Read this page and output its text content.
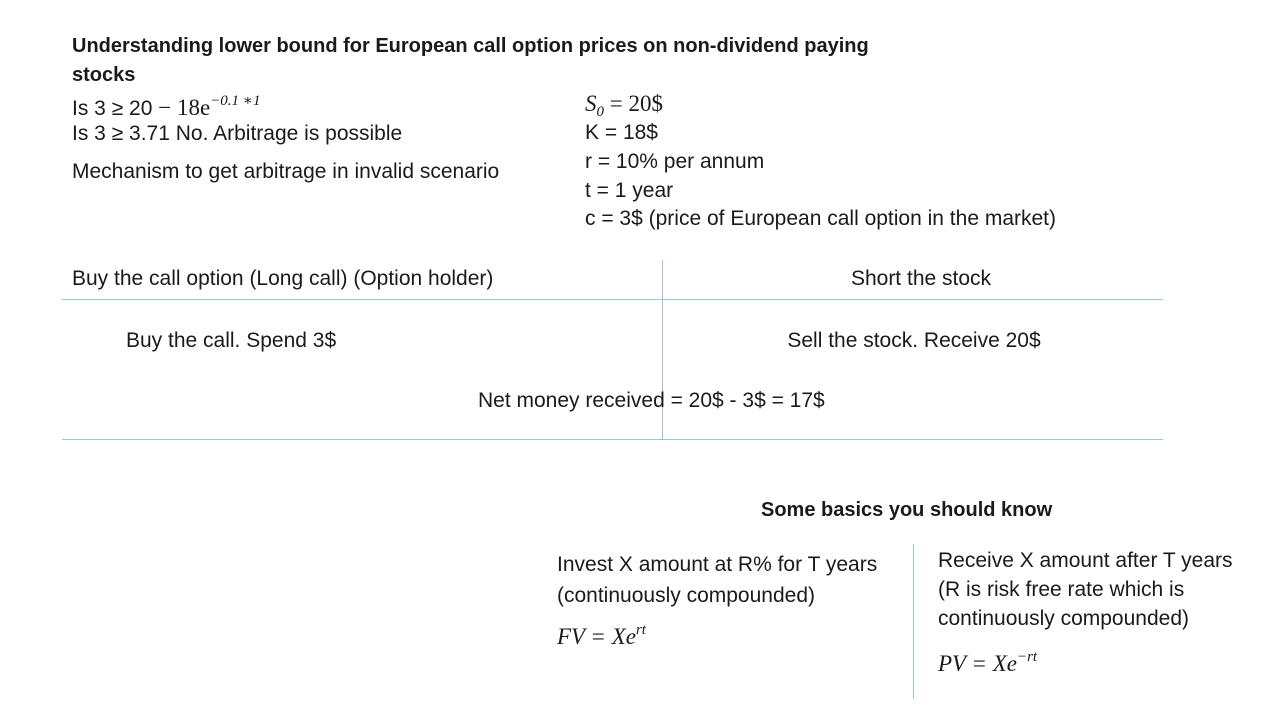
Understanding lower bound for European call option prices on non-dividend paying
stocks
Is $3 \ge 20 - 18e^{-0.1 ∗1}$
Is 3 ≥ 3.71 No. Arbitrage is possible
Mechanism to get arbitrage in invalid scenario
$S_0$ = 20$
K = 18$
r = 10% per annum
t = 1 year
c = 3$ (price of European call option in the market)
Buy the call option (Long call) (Option holder)	Short the stock
Buy the call. Spend 3$	Sell the stock. Receive 20$
Net money received = 20$ - 3$ = 17$
Some basics you should know
Invest X amount at R% for T years
(continuously compounded)
FV = $Xe^{rt}$
Receive X amount after T years
(R is risk free rate which is
continuously compounded)
PV = $Xe^{-rt}$
